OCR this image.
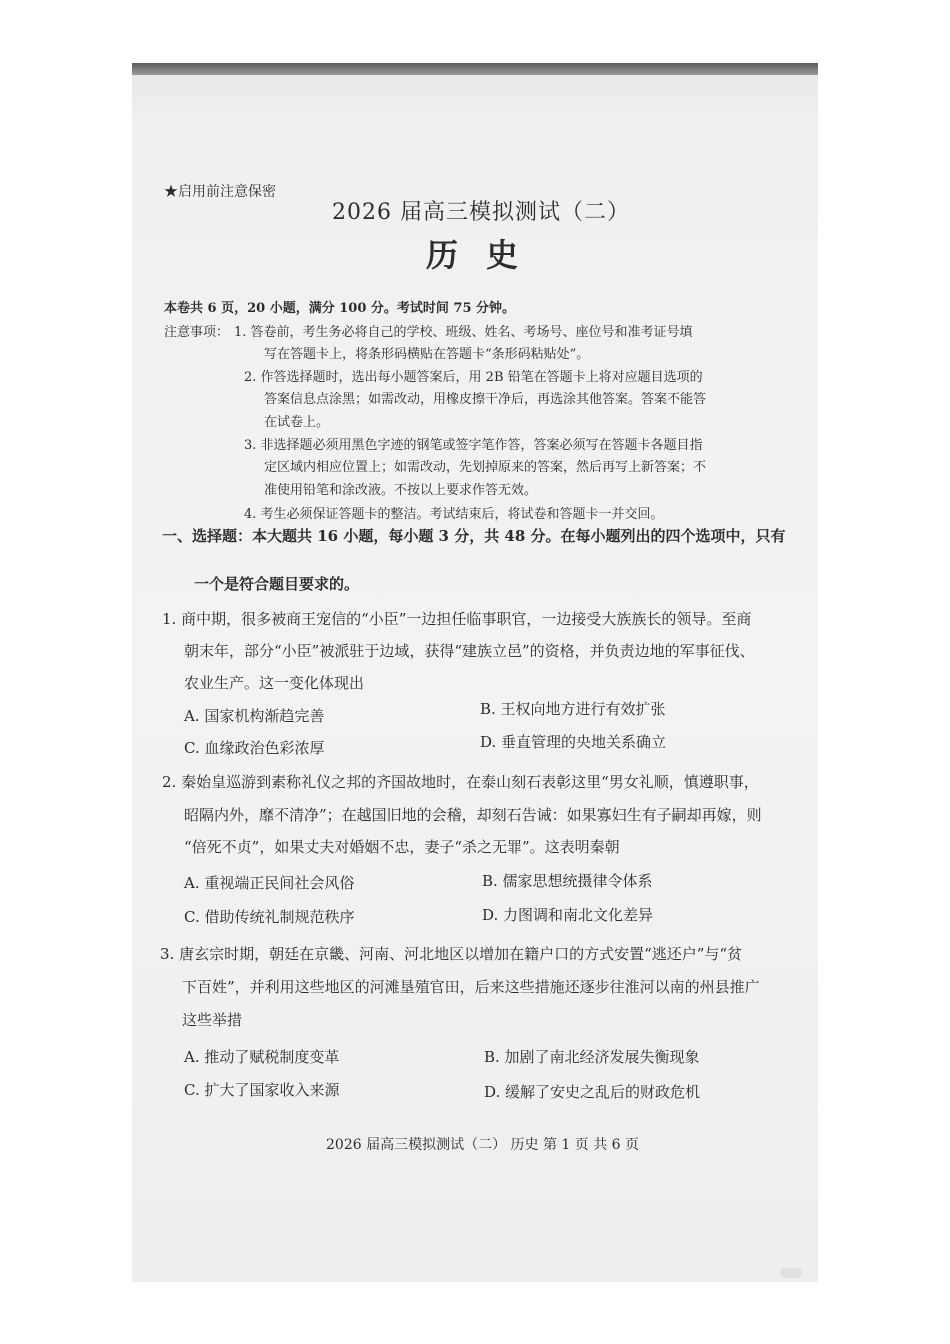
★启用前注意保密
2026 届高三模拟测试（二）
历史
本卷共 6 页，20 小题，满分 100 分。考试时间 75 分钟。
注意事项： 1. 答卷前，考生务必将自己的学校、班级、姓名、考场号、座位号和准考证号填
写在答题卡上，将条形码横贴在答题卡“条形码粘贴处”。
2. 作答选择题时，选出每小题答案后，用 2B 铅笔在答题卡上将对应题目选项的
答案信息点涂黑；如需改动，用橡皮擦干净后，再选涂其他答案。答案不能答
在试卷上。
3. 非选择题必须用黑色字迹的钢笔或签字笔作答，答案必须写在答题卡各题目指
定区域内相应位置上；如需改动，先划掉原来的答案，然后再写上新答案；不
准使用铅笔和涂改液。不按以上要求作答无效。
4. 考生必须保证答题卡的整洁。考试结束后，将试卷和答题卡一并交回。
一、选择题：本大题共 16 小题，每小题 3 分，共 48 分。在每小题列出的四个选项中，只有
一个是符合题目要求的。
1. 商中期，很多被商王宠信的“小臣”一边担任临事职官，一边接受大族族长的领导。至商
朝末年，部分“小臣”被派驻于边域，获得“建族立邑”的资格，并负责边地的军事征伐、
农业生产。这一变化体现出
A. 国家机构渐趋完善	B. 王权向地方进行有效扩张
C. 血缘政治色彩浓厚	D. 垂直管理的央地关系确立
2. 秦始皇巡游到素称礼仪之邦的齐国故地时，在泰山刻石表彰这里“男女礼顺，慎遵职事，
昭隔内外，靡不清净”；在越国旧地的会稽，却刻石告诫：如果寡妇生有子嗣却再嫁，则
“倍死不贞”，如果丈夫对婚姻不忠，妻子“杀之无罪”。这表明秦朝
A. 重视端正民间社会风俗	B. 儒家思想统摄律令体系
C. 借助传统礼制规范秩序	D. 力图调和南北文化差异
3. 唐玄宗时期，朝廷在京畿、河南、河北地区以增加在籍户口的方式安置“逃还户”与“贫
下百姓”，并利用这些地区的河滩垦殖官田，后来这些措施还逐步往淮河以南的州县推广
这些举措
A. 推动了赋税制度变革	B. 加剧了南北经济发展失衡现象
C. 扩大了国家收入来源	D. 缓解了安史之乱后的财政危机
2026 届高三模拟测试（二） 历史 第 1 页 共 6 页
